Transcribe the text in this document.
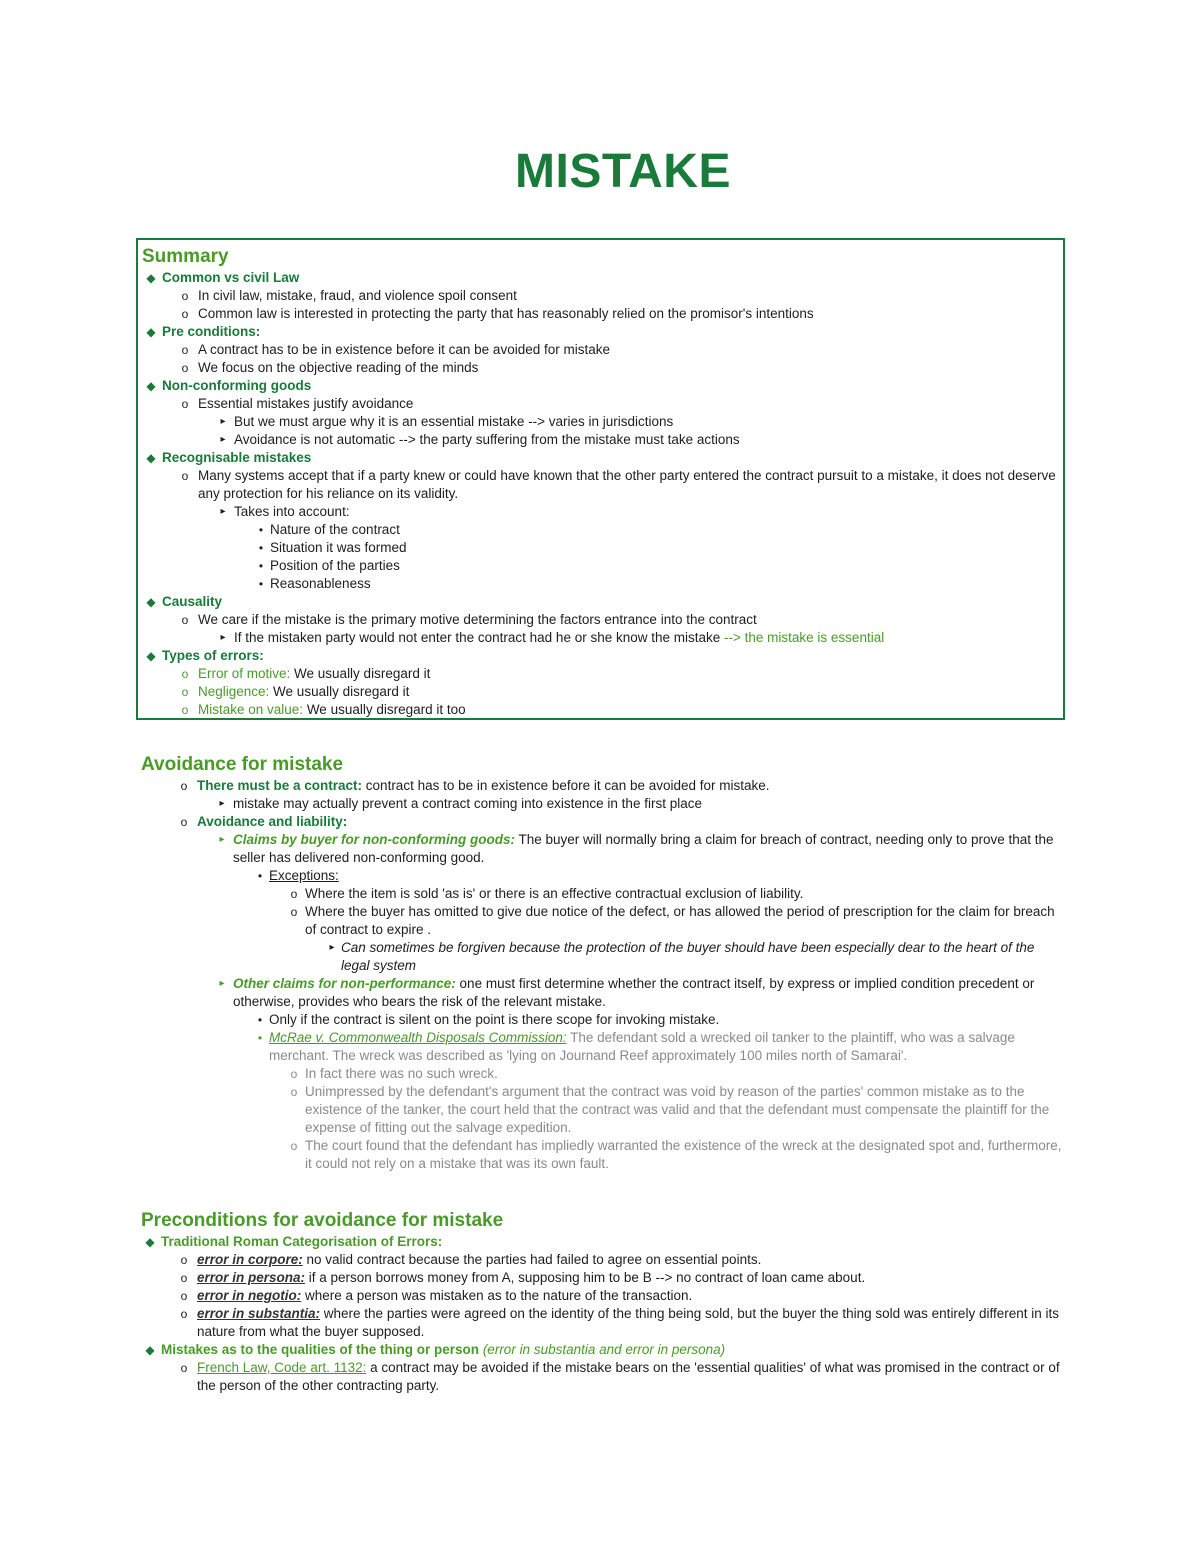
MISTAKE
Summary
◆ Common vs civil Law
o In civil law, mistake, fraud, and violence spoil consent
o Common law is interested in protecting the party that has reasonably relied on the promisor's intentions
◆ Pre conditions:
o A contract has to be in existence before it can be avoided for mistake
o We focus on the objective reading of the minds
◆ Non-conforming goods
o Essential mistakes justify avoidance
▸ But we must argue why it is an essential mistake --> varies in jurisdictions
▸ Avoidance is not automatic --> the party suffering from the mistake must take actions
◆ Recognisable mistakes
o Many systems accept that if a party knew or could have known that the other party entered the contract pursuit to a mistake, it does not deserve any protection for his reliance on its validity.
▸ Takes into account:
• Nature of the contract
• Situation it was formed
• Position of the parties
• Reasonableness
◆ Causality
o We care if the mistake is the primary motive determining the factors entrance into the contract
▸ If the mistaken party would not enter the contract had he or she know the mistake --> the mistake is essential
◆ Types of errors:
o Error of motive: We usually disregard it
o Negligence: We usually disregard it
o Mistake on value: We usually disregard it too
Avoidance for mistake
o There must be a contract: contract has to be in existence before it can be avoided for mistake.
▸ mistake may actually prevent a contract coming into existence in the first place
o Avoidance and liability:
▸ Claims by buyer for non-conforming goods: The buyer will normally bring a claim for breach of contract, needing only to prove that the seller has delivered non-conforming good.
• Exceptions:
o Where the item is sold 'as is' or there is an effective contractual exclusion of liability.
o Where the buyer has omitted to give due notice of the defect, or has allowed the period of prescription for the claim for breach of contract to expire .
▸ Can sometimes be forgiven because the protection of the buyer should have been especially dear to the heart of the legal system
▸ Other claims for non-performance: one must first determine whether the contract itself, by express or implied condition precedent or otherwise, provides who bears the risk of the relevant mistake.
• Only if the contract is silent on the point is there scope for invoking mistake.
• McRae v. Commonwealth Disposals Commission: The defendant sold a wrecked oil tanker to the plaintiff, who was a salvage merchant. The wreck was described as 'lying on Journand Reef approximately 100 miles north of Samarai'.
o In fact there was no such wreck.
o Unimpressed by the defendant's argument that the contract was void by reason of the parties' common mistake as to the existence of the tanker, the court held that the contract was valid and that the defendant must compensate the plaintiff for the expense of fitting out the salvage expedition.
o The court found that the defendant has impliedly warranted the existence of the wreck at the designated spot and, furthermore, it could not rely on a mistake that was its own fault.
Preconditions for avoidance for mistake
◆ Traditional Roman Categorisation of Errors:
o error in corpore: no valid contract because the parties had failed to agree on essential points.
o error in persona: if a person borrows money from A, supposing him to be B --> no contract of loan came about.
o error in negotio: where a person was mistaken as to the nature of the transaction.
o error in substantia: where the parties were agreed on the identity of the thing being sold, but the buyer the thing sold was entirely different in its nature from what the buyer supposed.
◆ Mistakes as to the qualities of the thing or person (error in substantia and error in persona)
o French Law, Code art. 1132: a contract may be avoided if the mistake bears on the 'essential qualities' of what was promised in the contract or of the person of the other contracting party.
